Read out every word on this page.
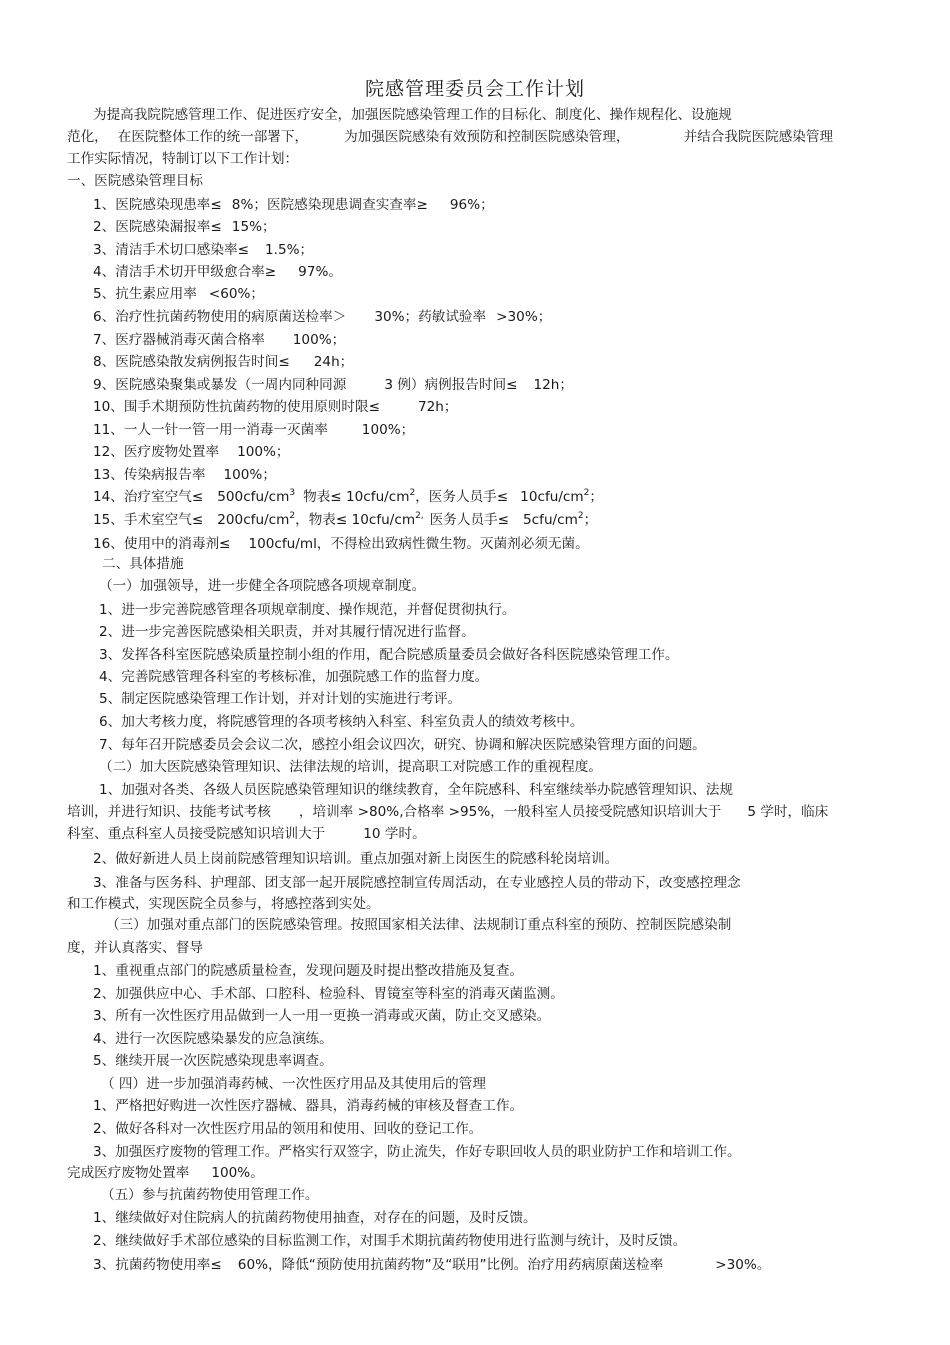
院感管理委员会工作计划
为提高我院院感管理工作、促进医疗安全，加强医院感染管理工作的目标化、制度化、操作规程化、设施规
范化， 在医院整体工作的统一部署下，	为加强医院感染有效预防和控制医院感染管理，	并结合我院医院感染管理
工作实际情况，特制订以下工作计划：
一、医院感染管理目标
1、医院感染现患率≤ 8%；医院感染现患调查实查率≥ 96%；
2、医院感染漏报率≤ 15%；
3、清洁手术切口感染率≤ 1.5%；
4、清洁手术切开甲级愈合率≥ 97%。
5、抗生素应用率 <60%；
6、治疗性抗菌药物使用的病原菌送检率＞ 30%；药敏试验率 >30%；
7、医疗器械消毒灭菌合格率 100%；
8、医院感染散发病例报告时间≤ 24h；
9、医院感染聚集或暴发（一周内同种同源	3 例）病例报告时间≤ 12h；
10、围手术期预防性抗菌药物的使用原则时限≤	72h；
11、一人一针一管一用一消毒一灭菌率	100%；
12、医疗废物处置率 100%；
13、传染病报告率 100%；
14、治疗室空气≤ $500cfu/cm^3$ 物表≤ $10cfu/cm^2$，医务人员手≤ $10cfu/cm^2$；
15、手术室空气≤ $200cfu/cm^2$，物表≤ $10cfu/cm^{2,}$ 医务人员手≤ $5cfu/cm^2$；
16、使用中的消毒剂≤ 100cfu/ml，不得检出致病性微生物。灭菌剂必须无菌。
二、具体措施
（一）加强领导，进一步健全各项院感各项规章制度。
1、进一步完善院感管理各项规章制度、操作规范，并督促贯彻执行。
2、进一步完善医院感染相关职责，并对其履行情况进行监督。
3、发挥各科室医院感染质量控制小组的作用，配合院感质量委员会做好各科医院感染管理工作。
4、完善院感管理各科室的考核标准，加强院感工作的监督力度。
5、制定医院感染管理工作计划，并对计划的实施进行考评。
6、加大考核力度，将院感管理的各项考核纳入科室、科室负责人的绩效考核中。
7、每年召开院感委员会会议二次，感控小组会议四次，研究、协调和解决医院感染管理方面的问题。
（二）加大医院感染管理知识、法律法规的培训，提高职工对院感工作的重视程度。
1、加强对各类、各级人员医院感染管理知识的继续教育，全年院感科、科室继续举办院感管理知识、法规
培训，并进行知识、技能考试考核 ，培训率 >80%,合格率 >95%，一般科室人员接受院感知识培训大于 5 学时，临床
科室、重点科室人员接受院感知识培训大于	10 学时。
2、做好新进人员上岗前院感管理知识培训。重点加强对新上岗医生的院感科轮岗培训。
3、准备与医务科、护理部、团支部一起开展院感控制宣传周活动，在专业感控人员的带动下，改变感控理念
和工作模式，实现医院全员参与，将感控落到实处。
（三）加强对重点部门的医院感染管理。按照国家相关法律、法规制订重点科室的预防、控制医院感染制
度，并认真落实、督导
1、重视重点部门的院感质量检查，发现问题及时提出整改措施及复查。
2、加强供应中心、手术部、口腔科、检验科、胃镜室等科室的消毒灭菌监测。
3、所有一次性医疗用品做到一人一用一更换一消毒或灭菌，防止交叉感染。
4、进行一次医院感染暴发的应急演练。
5、继续开展一次医院感染现患率调查。
（ 四）进一步加强消毒药械、一次性医疗用品及其使用后的管理
1、严格把好购进一次性医疗器械、器具，消毒药械的审核及督查工作。
2、做好各科对一次性医疗用品的领用和使用、回收的登记工作。
3、加强医疗废物的管理工作。严格实行双签字，防止流失，作好专职回收人员的职业防护工作和培训工作。
完成医疗废物处置率 100%。
（五）参与抗菌药物使用管理工作。
1、继续做好对住院病人的抗菌药物使用抽查，对存在的问题，及时反馈。
2、继续做好手术部位感染的目标监测工作，对围手术期抗菌药物使用进行监测与统计，及时反馈。
3、抗菌药物使用率≤ 60%，降低“预防使用抗菌药物”及“联用”比例。治疗用药病原菌送检率	>30%。
